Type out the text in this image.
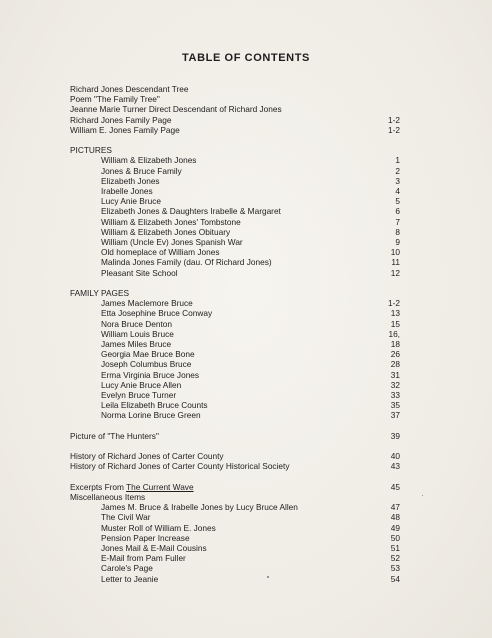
TABLE OF CONTENTS
Richard Jones Descendant Tree
Poem "The Family Tree"
Jeanne Marie Turner Direct Descendant of Richard Jones
Richard Jones Family Page	1-2
William E. Jones Family Page	1-2
PICTURES
William & Elizabeth Jones	1
Jones & Bruce Family	2
Elizabeth Jones	3
Irabelle Jones	4
Lucy Anie Bruce	5
Elizabeth Jones & Daughters Irabelle & Margaret	6
William & Elizabeth Jones' Tombstone	7
William & Elizabeth Jones Obituary	8
William (Uncle Ev) Jones Spanish War	9
Old homeplace of William Jones	10
Malinda Jones Family (dau. Of Richard Jones)	11
Pleasant Site School	12
FAMILY PAGES
James Maclemore Bruce	1-2
Etta Josephine Bruce Conway	13
Nora Bruce Denton	15
William Louis Bruce	16,
James Miles Bruce	18
Georgia Mae Bruce Bone	26
Joseph Columbus Bruce	28
Erma Virginia Bruce Jones	31
Lucy Anie Bruce Allen	32
Evelyn Bruce Turner	33
Leila Elizabeth Bruce Counts	35
Norma Lorine Bruce Green	37
Picture of "The Hunters"	39
History of Richard Jones of Carter County	40
History of Richard Jones of Carter County Historical Society	43
Excerpts From The Current Wave	45
Miscellaneous Items
James M. Bruce & Irabelle Jones by Lucy Bruce Allen	47
The Civil War	48
Muster Roll of William E. Jones	49
Pension Paper Increase	50
Jones Mail & E-Mail Cousins	51
E-Mail from Pam Fuller	52
Carole's Page	53
Letter to Jeanie	54
